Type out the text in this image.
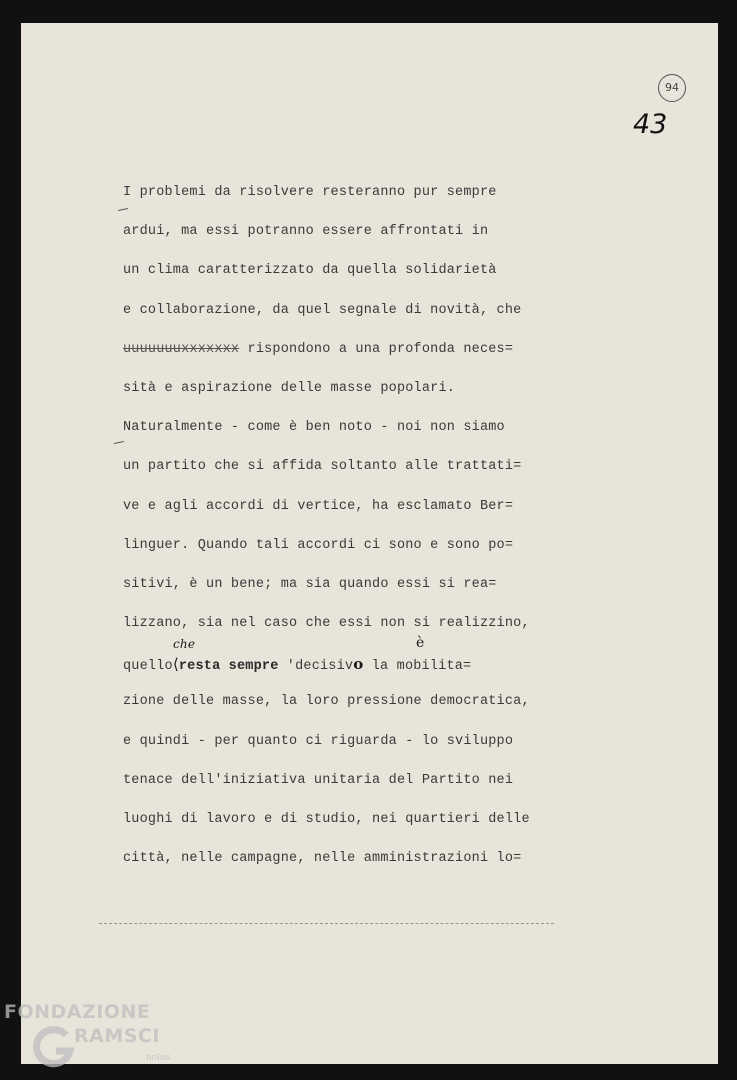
94
43
I problemi da risolvere resteranno pur sempre
ardui, ma essi potranno essere affrontati in
un clima caratterizzato da quella solidarietà
e collaborazione, da quel segnale di novità, che
uuuuuuuxxxxxxx rispondono a una profonda neces=
sità e aspirazione delle masse popolari.
Naturalmente - come è ben noto - noi non siamo
un partito che si affida soltanto alle trattati=
ve e agli accordi di vertice, ha esclamato Ber=
linguer. Quando tali accordi ci sono e sono po=
sitivi, è un bene; ma sia quando essi si rea=
lizzano, sia nel caso che essi non si realizzino,
quello⟨resta sempre 'decisivo la mobilita=
che	è
zione delle masse, la loro pressione democratica,
e quindi - per quanto ci riguarda - lo sviluppo
tenace dell'iniziativa unitaria del Partito nei
luoghi di lavoro e di studio, nei quartieri delle
città, nelle campagne, nelle amministrazioni lo=
FONDAZIONE
RAMSCI
onlus
